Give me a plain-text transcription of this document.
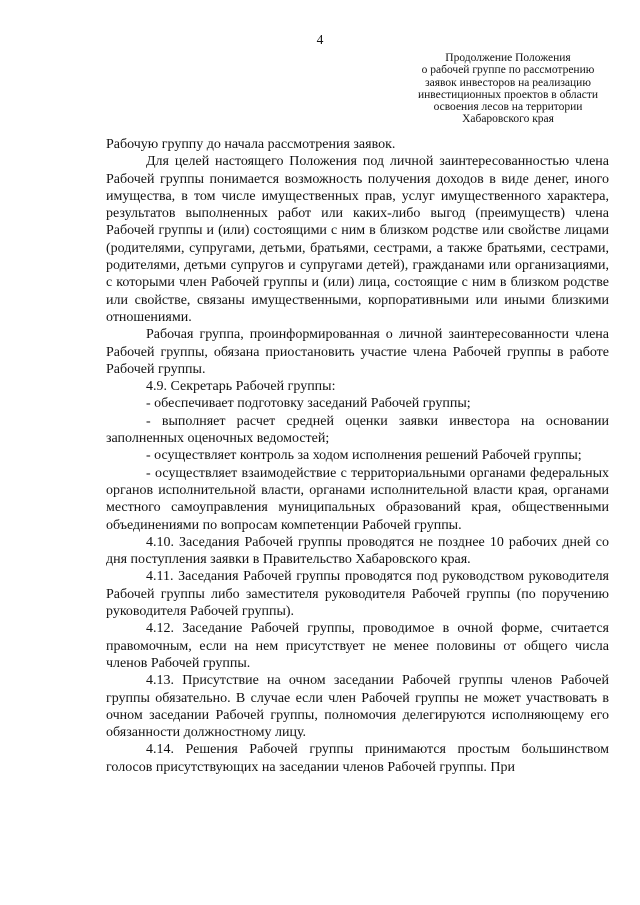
4
Продолжение Положения
о рабочей группе по рассмотрению
заявок инвесторов на реализацию
инвестиционных проектов в области
освоения лесов на территории
Хабаровского края

Рабочую группу до начала рассмотрения заявок.

Для целей настоящего Положения под личной заинтересованностью члена Рабочей группы понимается возможность получения доходов в виде денег, иного имущества, в том числе имущественных прав, услуг имущественного характера, результатов выполненных работ или каких-либо выгод (преимуществ) члена Рабочей группы и (или) состоящими с ним в близком родстве или свойстве лицами (родителями, супругами, детьми, братьями, сестрами, а также братьями, сестрами, родителями, детьми супругов и супругами детей), гражданами или организациями, с которыми член Рабочей группы и (или) лица, состоящие с ним в близком родстве или свойстве, связаны имущественными, корпоративными или иными близкими отношениями.

Рабочая группа, проинформированная о личной заинтересованности члена Рабочей группы, обязана приостановить участие члена Рабочей группы в работе Рабочей группы.

4.9. Секретарь Рабочей группы:

- обеспечивает подготовку заседаний Рабочей группы;

- выполняет расчет средней оценки заявки инвестора на основании заполненных оценочных ведомостей;

- осуществляет контроль за ходом исполнения решений Рабочей группы;

- осуществляет взаимодействие с территориальными органами федеральных органов исполнительной власти, органами исполнительной власти края, органами местного самоуправления муниципальных образований края, общественными объединениями по вопросам компетенции Рабочей группы.

4.10. Заседания Рабочей группы проводятся не позднее 10 рабочих дней со дня поступления заявки в Правительство Хабаровского края.

4.11. Заседания Рабочей группы проводятся под руководством руководителя Рабочей группы либо заместителя руководителя Рабочей группы (по поручению руководителя Рабочей группы).

4.12. Заседание Рабочей группы, проводимое в очной форме, считается правомочным, если на нем присутствует не менее половины от общего числа членов Рабочей группы.

4.13. Присутствие на очном заседании Рабочей группы членов Рабочей группы обязательно. В случае если член Рабочей группы не может участвовать в очном заседании Рабочей группы, полномочия делегируются исполняющему его обязанности должностному лицу.

4.14. Решения Рабочей группы принимаются простым большинством голосов присутствующих на заседании членов Рабочей группы. При
